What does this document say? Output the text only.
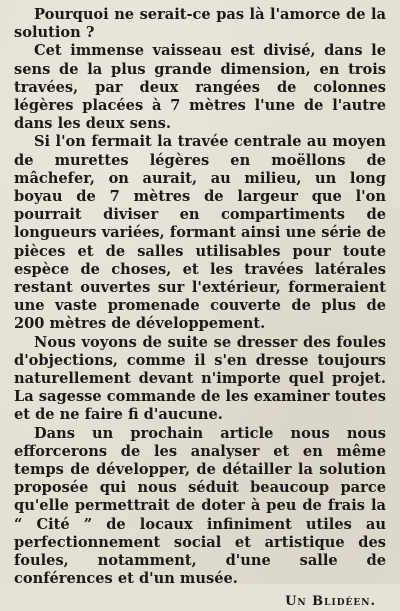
Pourquoi ne serait-ce pas là l'amorce de la solution ?

Cet immense vaisseau est divisé, dans le sens de la plus grande dimension, en trois travées, par deux rangées de colonnes légères placées à 7 mètres l'une de l'autre dans les deux sens.

Si l'on fermait la travée centrale au moyen de murettes légères en moëllons de mâchefer, on aurait, au milieu, un long boyau de 7 mètres de largeur que l'on pourrait diviser en compartiments de longueurs variées, formant ainsi une série de pièces et de salles utilisables pour toute espèce de choses, et les travées latérales restant ouvertes sur l'extérieur, formeraient une vaste promenade couverte de plus de 200 mètres de développement.

Nous voyons de suite se dresser des foules d'objections, comme il s'en dresse toujours naturellement devant n'importe quel projet. La sagesse commande de les examiner toutes et de ne faire fi d'aucune.

Dans un prochain article nous nous efforcerons de les analyser et en même temps de développer, de détailler la solution proposée qui nous séduit beaucoup parce qu'elle permettrait de doter à peu de frais la “ Cité ” de locaux infiniment utiles au perfectionnement social et artistique des foules, notamment, d'une salle de conférences et d'un musée.

Un Blidéen.
